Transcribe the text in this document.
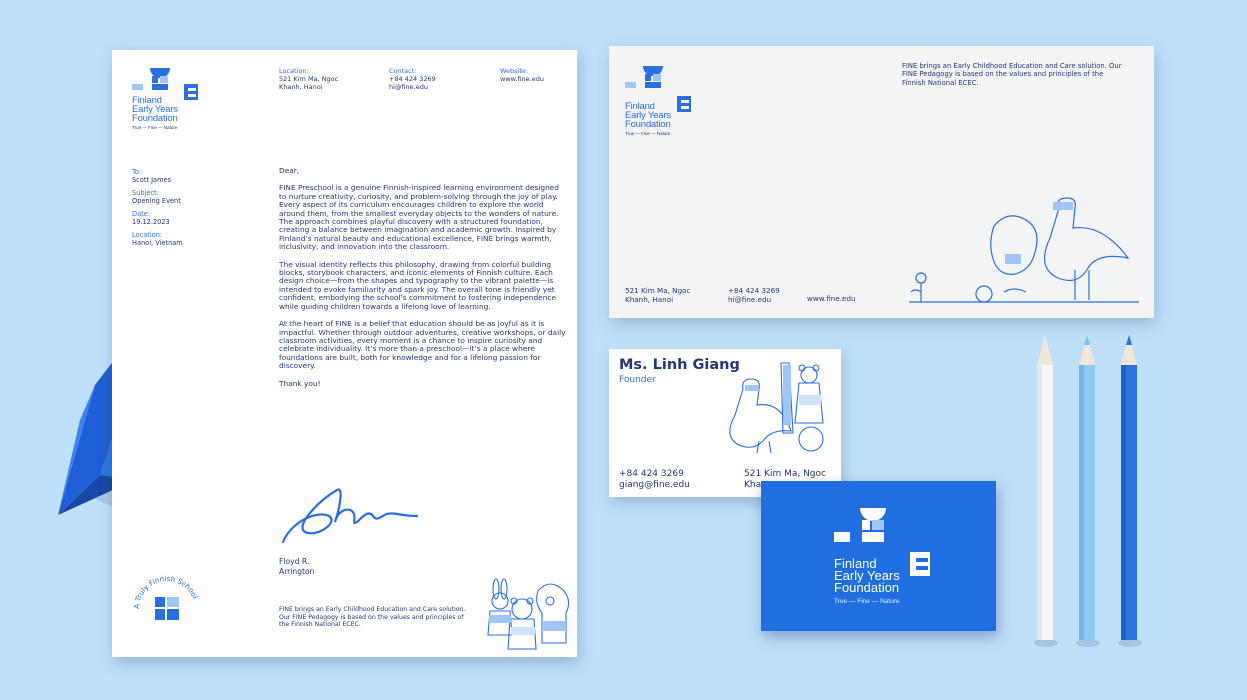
Finland
Early Years
Foundation
True — Fine — Nature
Location:
521 Kim Ma, Ngoc
Khanh, Hanoi
Contact:
+84 424 3269
hi@fine.edu
Website:
www.fine.edu
To:
Scott James
Subject:
Opening Event
Date:
19.12.2023
Location:
Hanoi, Vietnam

Dear,

FINE Preschool is a genuine Finnish-inspired learning environment designed to nurture creativity, curiosity, and problem-solving through the joy of play. Every aspect of its curriculum encourages children to explore the world around them, from the smallest everyday objects to the wonders of nature. The approach combines playful discovery with a structured foundation, creating a balance between imagination and academic growth. Inspired by Finland’s natural beauty and educational excellence, FINE brings warmth, inclusivity, and innovation into the classroom.

The visual identity reflects this philosophy, drawing from colorful building blocks, storybook characters, and iconic elements of Finnish culture. Each design choice—from the shapes and typography to the vibrant palette—is intended to evoke familiarity and spark joy. The overall tone is friendly yet confident, embodying the school’s commitment to fostering independence while guiding children towards a lifelong love of learning.

At the heart of FINE is a belief that education should be as joyful as it is impactful. Whether through outdoor adventures, creative workshops, or daily classroom activities, every moment is a chance to inspire curiosity and celebrate individuality. It’s more than a preschool—it’s a place where foundations are built, both for knowledge and for a lifelong passion for discovery.

Thank you!

Floyd R.
Arrington
FINE brings an Early Childhood Education and Care solution. Our FINE Pedagogy is based on the values and principles of the Finnish National ECEC.
A Truly Finnish School
Finland
Early Years
Foundation
True — Fine — Nature
FINE brings an Early Childhood Education and Care solution. Our FINE Pedagogy is based on the values and principles of the Finnish National ECEC.
521 Kim Ma, Ngoc
Khanh, Hanoi
+84 424 3269
hi@fine.edu	www.fine.edu
Ms. Linh Giang
Founder
+84 424 3269
giang@fine.edu
521 Kim Ma, Ngoc
Kha
Finland
Early Years
Foundation
True — Fine — Nature
